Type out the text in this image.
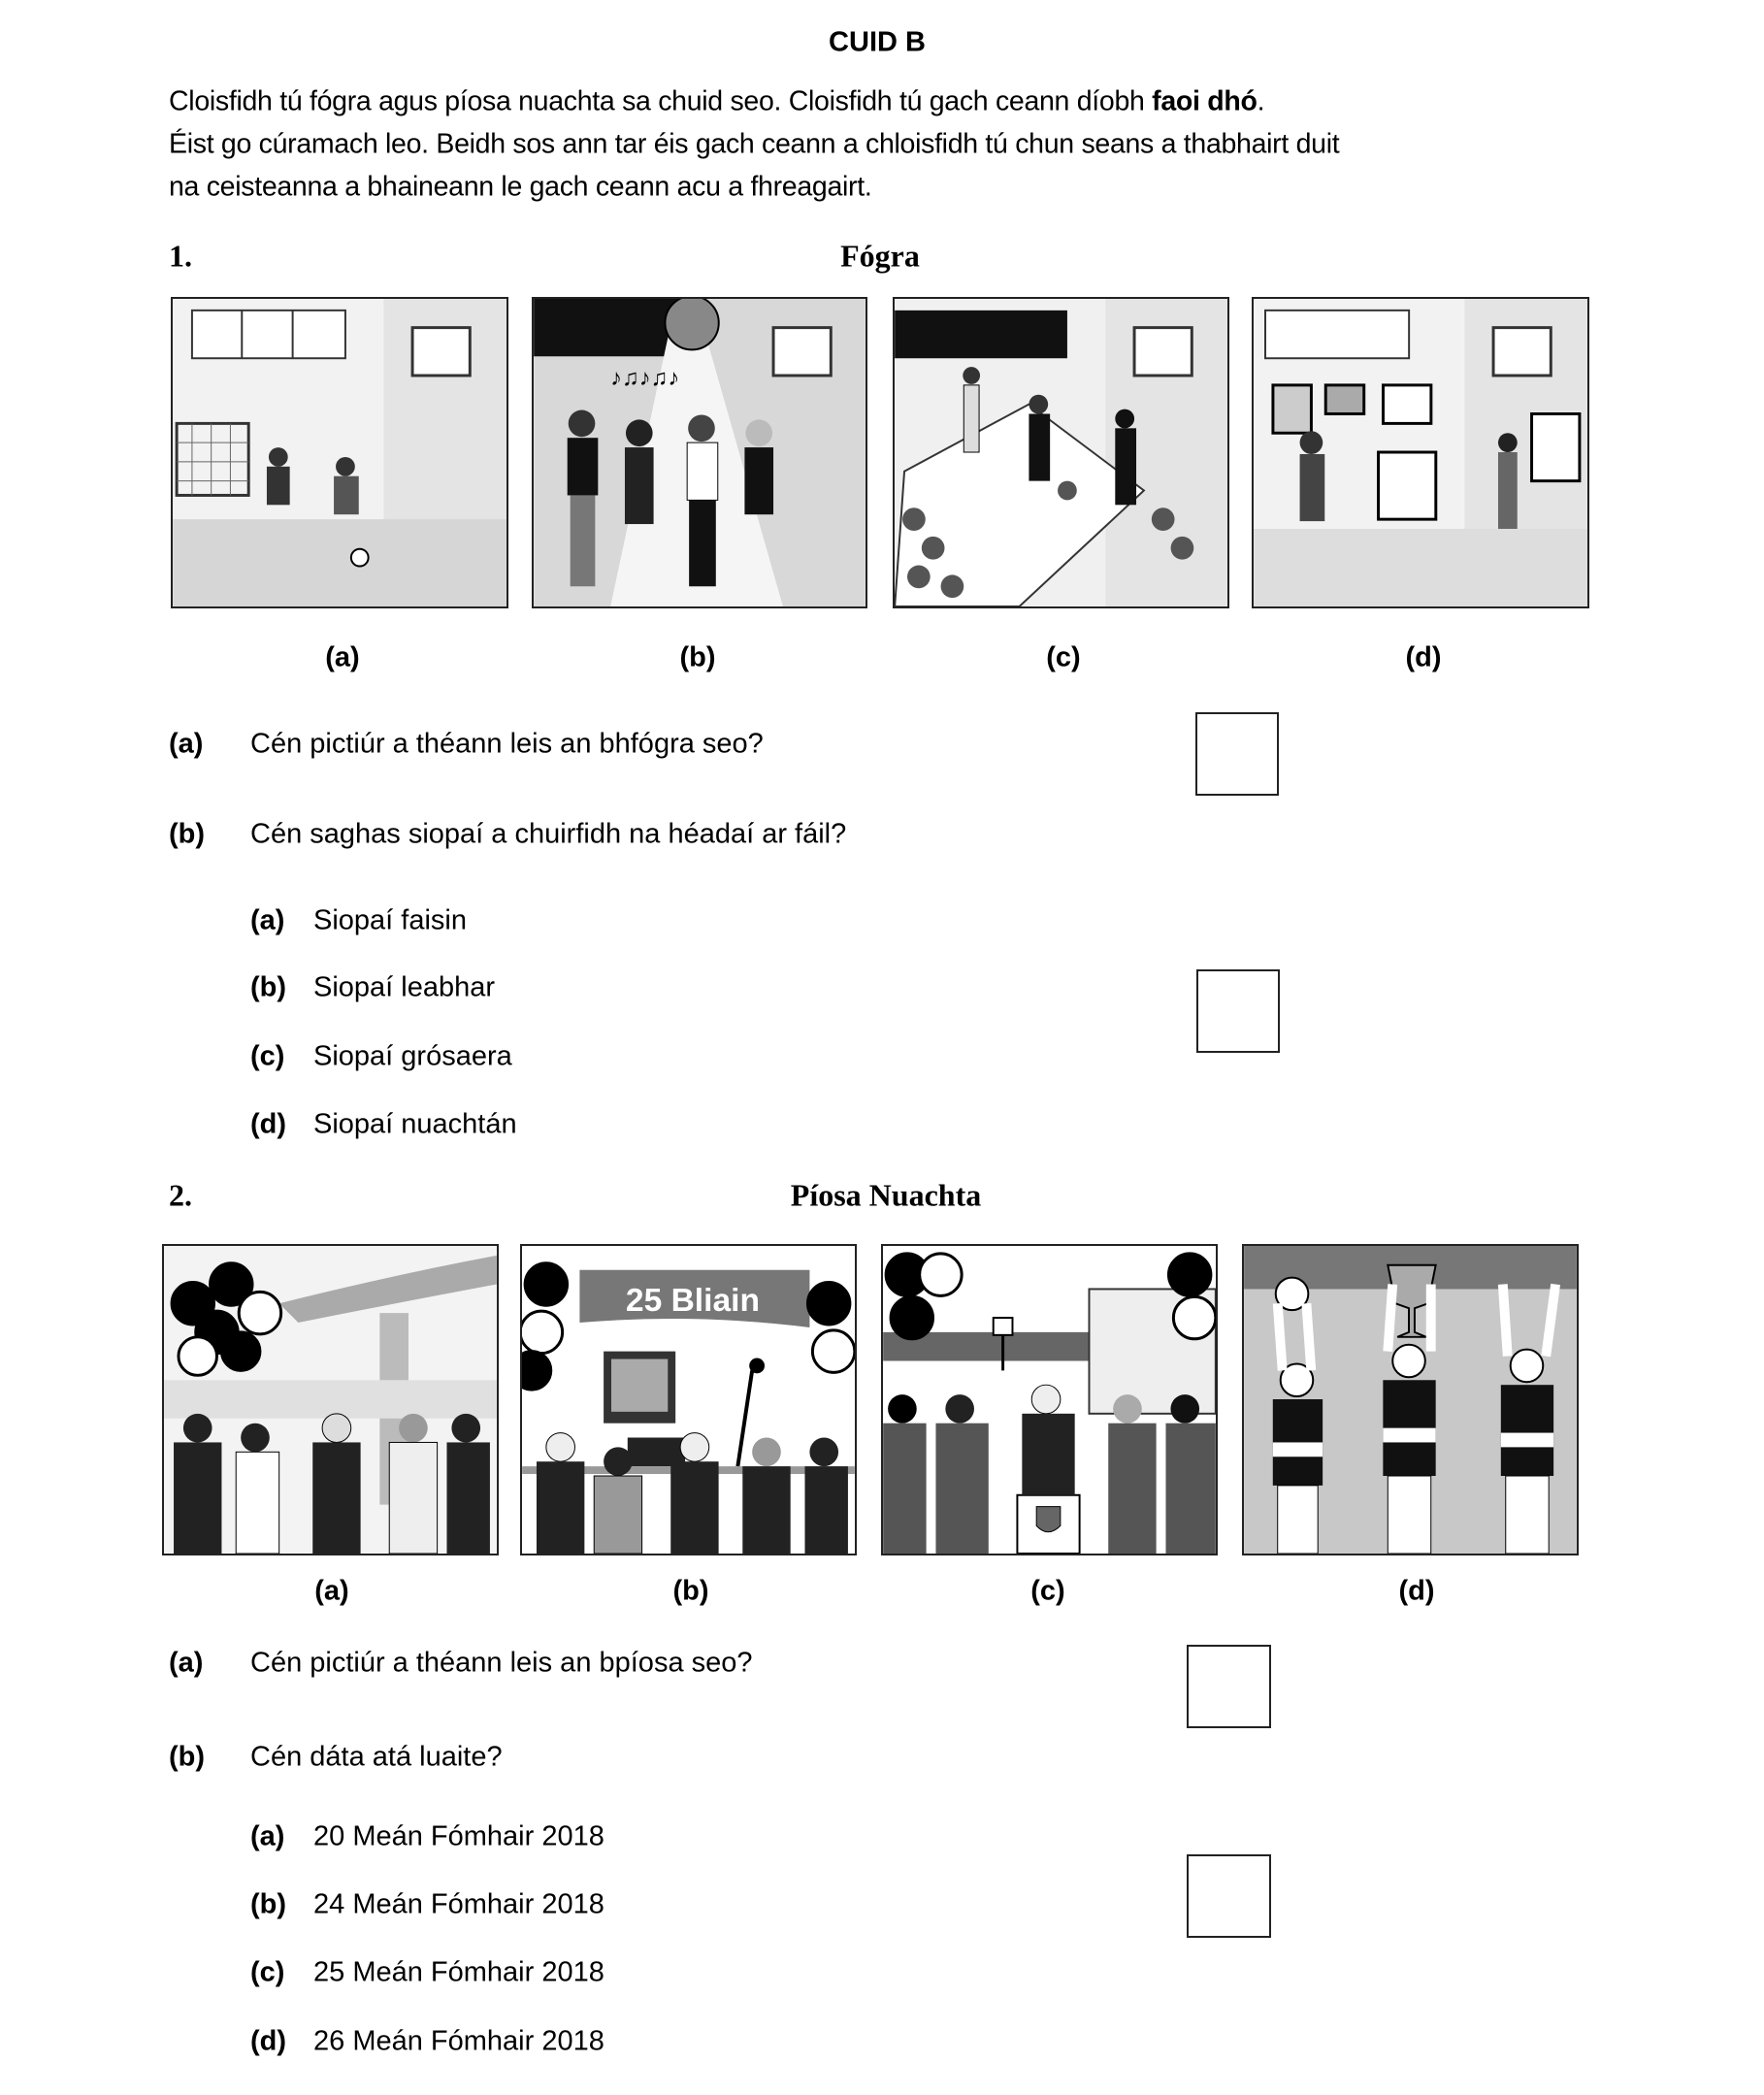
CUID B
Cloisfidh tú fógra agus píosa nuachta sa chuid seo. Cloisfidh tú gach ceann díobh faoi dhó.
Éist go cúramach leo. Beidh sos ann tar éis gach ceann a chloisfidh tú chun seans a thabhairt duit
na ceisteanna a bhaineann le gach ceann acu a fhreagairt.
1.	Fógra
♪♫♪♫♪
(a)	(b)	(c)	(d)
(a) Cén pictiúr a théann leis an bhfógra seo?
(b) Cén saghas siopaí a chuirfidh na héadaí ar fáil?
(a) Siopaí faisin
(b) Siopaí leabhar
(c) Siopaí grósaera
(d) Siopaí nuachtán
2.	Píosa Nuachta
25 Bliain
(a)	(b)	(c)	(d)
(a) Cén pictiúr a théann leis an bpíosa seo?
(b) Cén dáta atá luaite?
(a) 20 Meán Fómhair 2018
(b) 24 Meán Fómhair 2018
(c) 25 Meán Fómhair 2018
(d) 26 Meán Fómhair 2018
